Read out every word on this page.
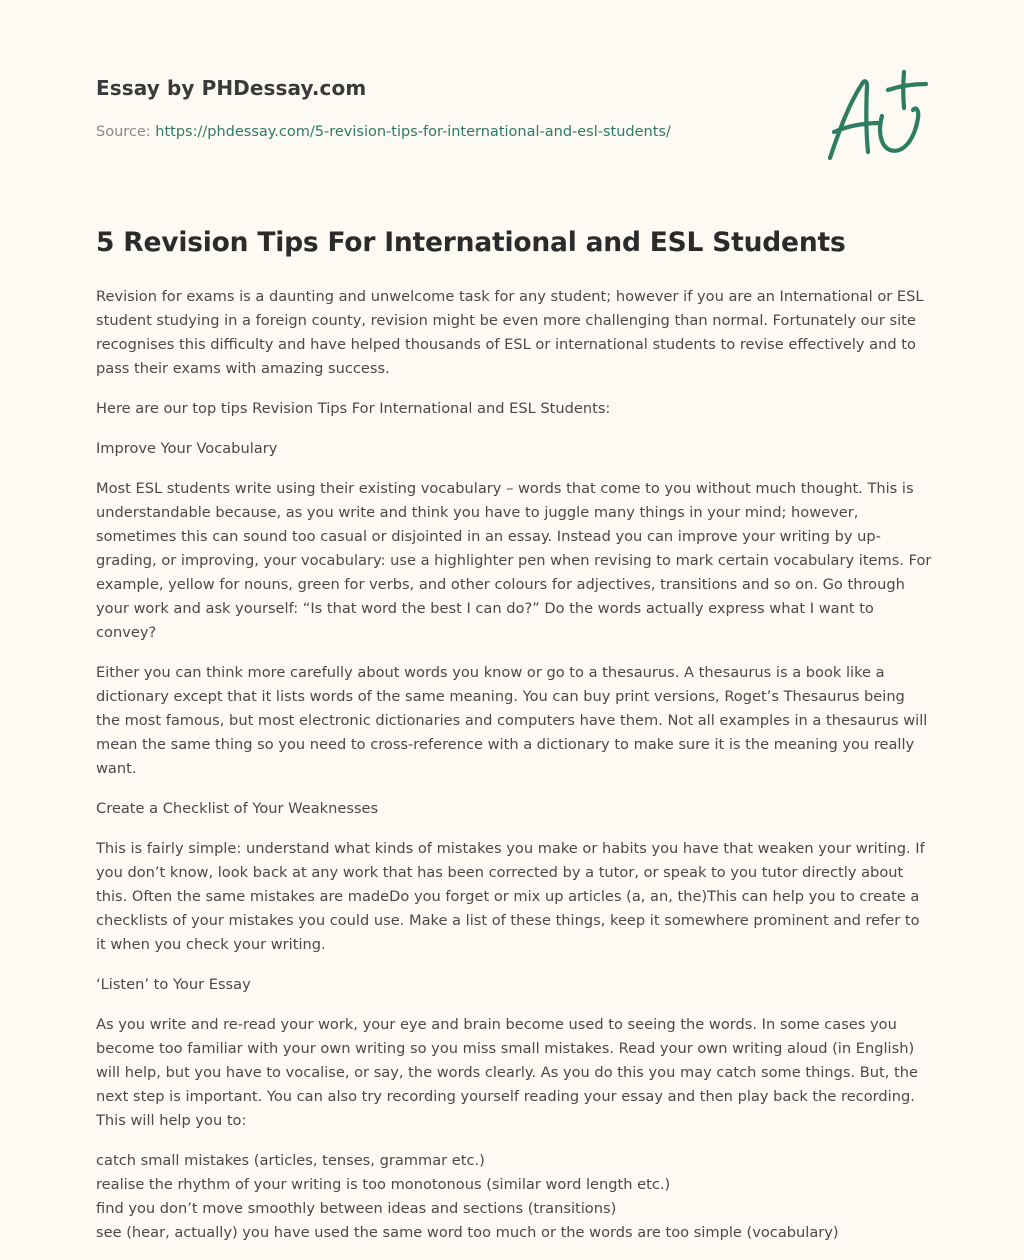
Essay by PHDessay.com
Source: https://phdessay.com/5-revision-tips-for-international-and-esl-students/
5 Revision Tips For International and ESL Students

Revision for exams is a daunting and unwelcome task for any student; however if you are an International or ESL student studying in a foreign county, revision might be even more challenging than normal. Fortunately our site recognises this difficulty and have helped thousands of ESL or international students to revise effectively and to pass their exams with amazing success.

Here are our top tips Revision Tips For International and ESL Students:

Improve Your Vocabulary

Most ESL students write using their existing vocabulary – words that come to you without much thought. This is understandable because, as you write and think you have to juggle many things in your mind; however, sometimes this can sound too casual or disjointed in an essay. Instead you can improve your writing by up-grading, or improving, your vocabulary: use a highlighter pen when revising to mark certain vocabulary items. For example, yellow for nouns, green for verbs, and other colours for adjectives, transitions and so on. Go through your work and ask yourself: “Is that word the best I can do?” Do the words actually express what I want to convey?

Either you can think more carefully about words you know or go to a thesaurus. A thesaurus is a book like a dictionary except that it lists words of the same meaning. You can buy print versions, Roget’s Thesaurus being the most famous, but most electronic dictionaries and computers have them. Not all examples in a thesaurus will mean the same thing so you need to cross-reference with a dictionary to make sure it is the meaning you really want.

Create a Checklist of Your Weaknesses

This is fairly simple: understand what kinds of mistakes you make or habits you have that weaken your writing. If you don’t know, look back at any work that has been corrected by a tutor, or speak to you tutor directly about this. Often the same mistakes are madeDo you forget or mix up articles (a, an, the)This can help you to create a checklists of your mistakes you could use. Make a list of these things, keep it somewhere prominent and refer to it when you check your writing.

‘Listen’ to Your Essay

As you write and re-read your work, your eye and brain become used to seeing the words. In some cases you become too familiar with your own writing so you miss small mistakes. Read your own writing aloud (in English) will help, but you have to vocalise, or say, the words clearly. As you do this you may catch some things. But, the next step is important. You can also try recording yourself reading your essay and then play back the recording. This will help you to:

catch small mistakes (articles, tenses, grammar etc.)
realise the rhythm of your writing is too monotonous (similar word length etc.)
find you don’t move smoothly between ideas and sections (transitions)
see (hear, actually) you have used the same word too much or the words are too simple (vocabulary)
